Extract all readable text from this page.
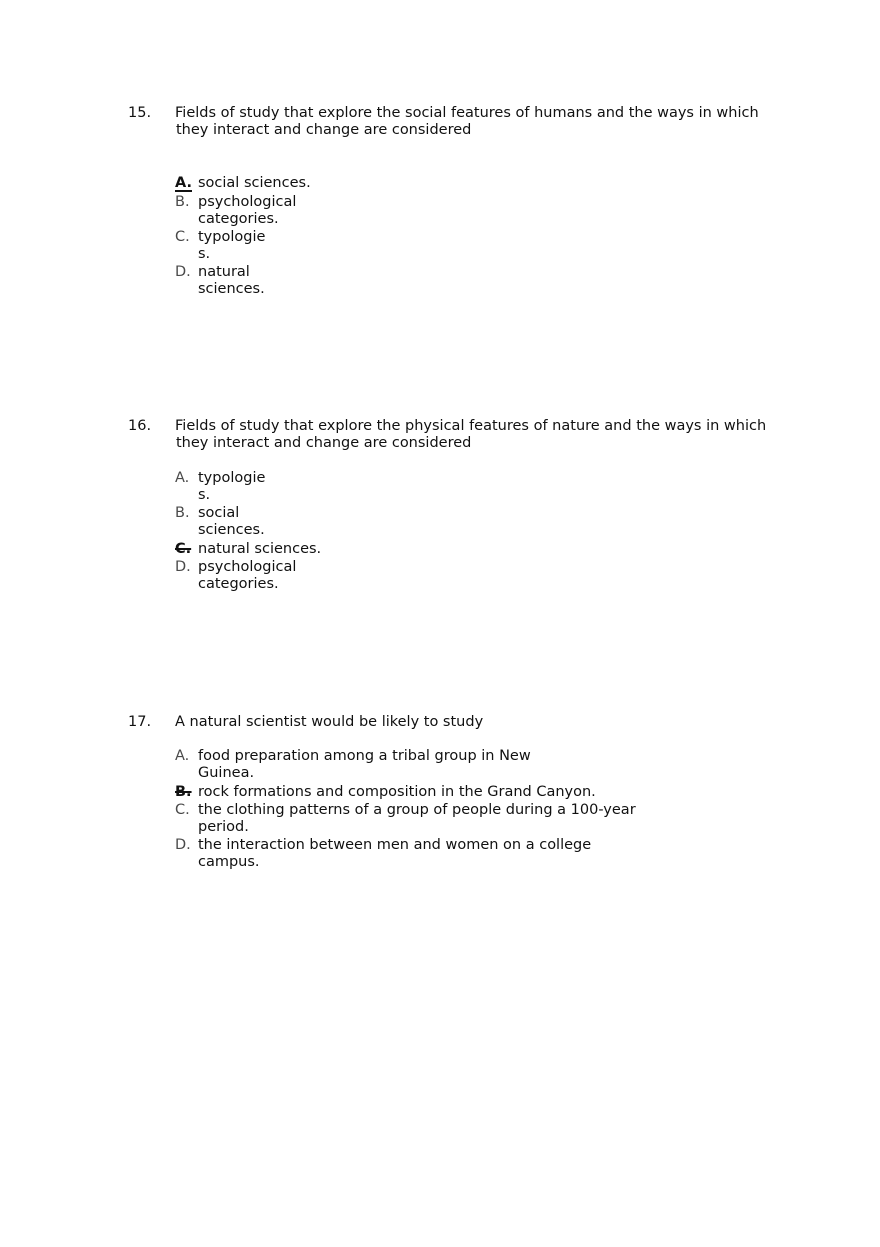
15. Fields of study that explore the social features of humans and the ways in which
they interact and change are considered
A. social sciences.
B. psychological
categories.
C. typologie
s.
D. natural
sciences.
16. Fields of study that explore the physical features of nature and the ways in which
they interact and change are considered
A. typologie
s.
B. social
sciences.
C. natural sciences.
D. psychological
categories.
17. A natural scientist would be likely to study
A. food preparation among a tribal group in New
Guinea.
B. rock formations and composition in the Grand Canyon.
C. the clothing patterns of a group of people during a 100-year
period.
D. the interaction between men and women on a college
campus.
